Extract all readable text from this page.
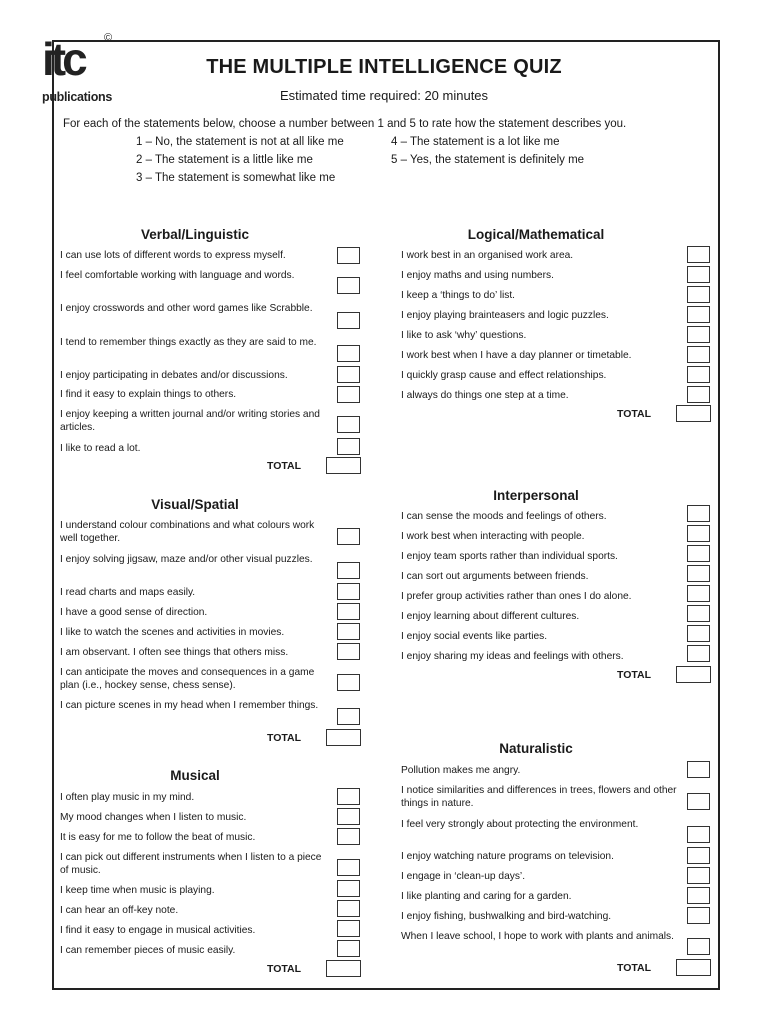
itc ©
publications
THE MULTIPLE INTELLIGENCE QUIZ
Estimated time required: 20 minutes
For each of the statements below, choose a number between 1 and 5 to rate how the statement describes you.
1 – No, the statement is not at all like me
2 – The statement is a little like me
3 – The statement is somewhat like me
4 – The statement is a lot like me
5 – Yes, the statement is definitely me
Verbal/Linguistic
I can use lots of different words to express myself.
I feel comfortable working with language and words.
I enjoy crosswords and other word games like Scrabble.
I tend to remember things exactly as they are said to me.
I enjoy participating in debates and/or discussions.
I find it easy to explain things to others.
I enjoy keeping a written journal and/or writing stories and articles.
I like to read a lot.
TOTAL
Logical/Mathematical
I work best in an organised work area.
I enjoy maths and using numbers.
I keep a ‘things to do’ list.
I enjoy playing brainteasers and logic puzzles.
I like to ask ‘why’ questions.
I work best when I have a day planner or timetable.
I quickly grasp cause and effect relationships.
I always do things one step at a time.
TOTAL
Visual/Spatial
I understand colour combinations and what colours work well together.
I enjoy solving jigsaw, maze and/or other visual puzzles.
I read charts and maps easily.
I have a good sense of direction.
I like to watch the scenes and activities in movies.
I am observant. I often see things that others miss.
I can anticipate the moves and consequences in a game plan (i.e., hockey sense, chess sense).
I can picture scenes in my head when I remember things.
TOTAL
Interpersonal
I can sense the moods and feelings of others.
I work best when interacting with people.
I enjoy team sports rather than individual sports.
I can sort out arguments between friends.
I prefer group activities rather than ones I do alone.
I enjoy learning about different cultures.
I enjoy social events like parties.
I enjoy sharing my ideas and feelings with others.
TOTAL
Musical
I often play music in my mind.
My mood changes when I listen to music.
It is easy for me to follow the beat of music.
I can pick out different instruments when I listen to a piece of music.
I keep time when music is playing.
I can hear an off-key note.
I find it easy to engage in musical activities.
I can remember pieces of music easily.
TOTAL
Naturalistic
Pollution makes me angry.
I notice similarities and differences in trees, flowers and other things in nature.
I feel very strongly about protecting the environment.
I enjoy watching nature programs on television.
I engage in ‘clean-up days’.
I like planting and caring for a garden.
I enjoy fishing, bushwalking and bird-watching.
When I leave school, I hope to work with plants and animals.
TOTAL
